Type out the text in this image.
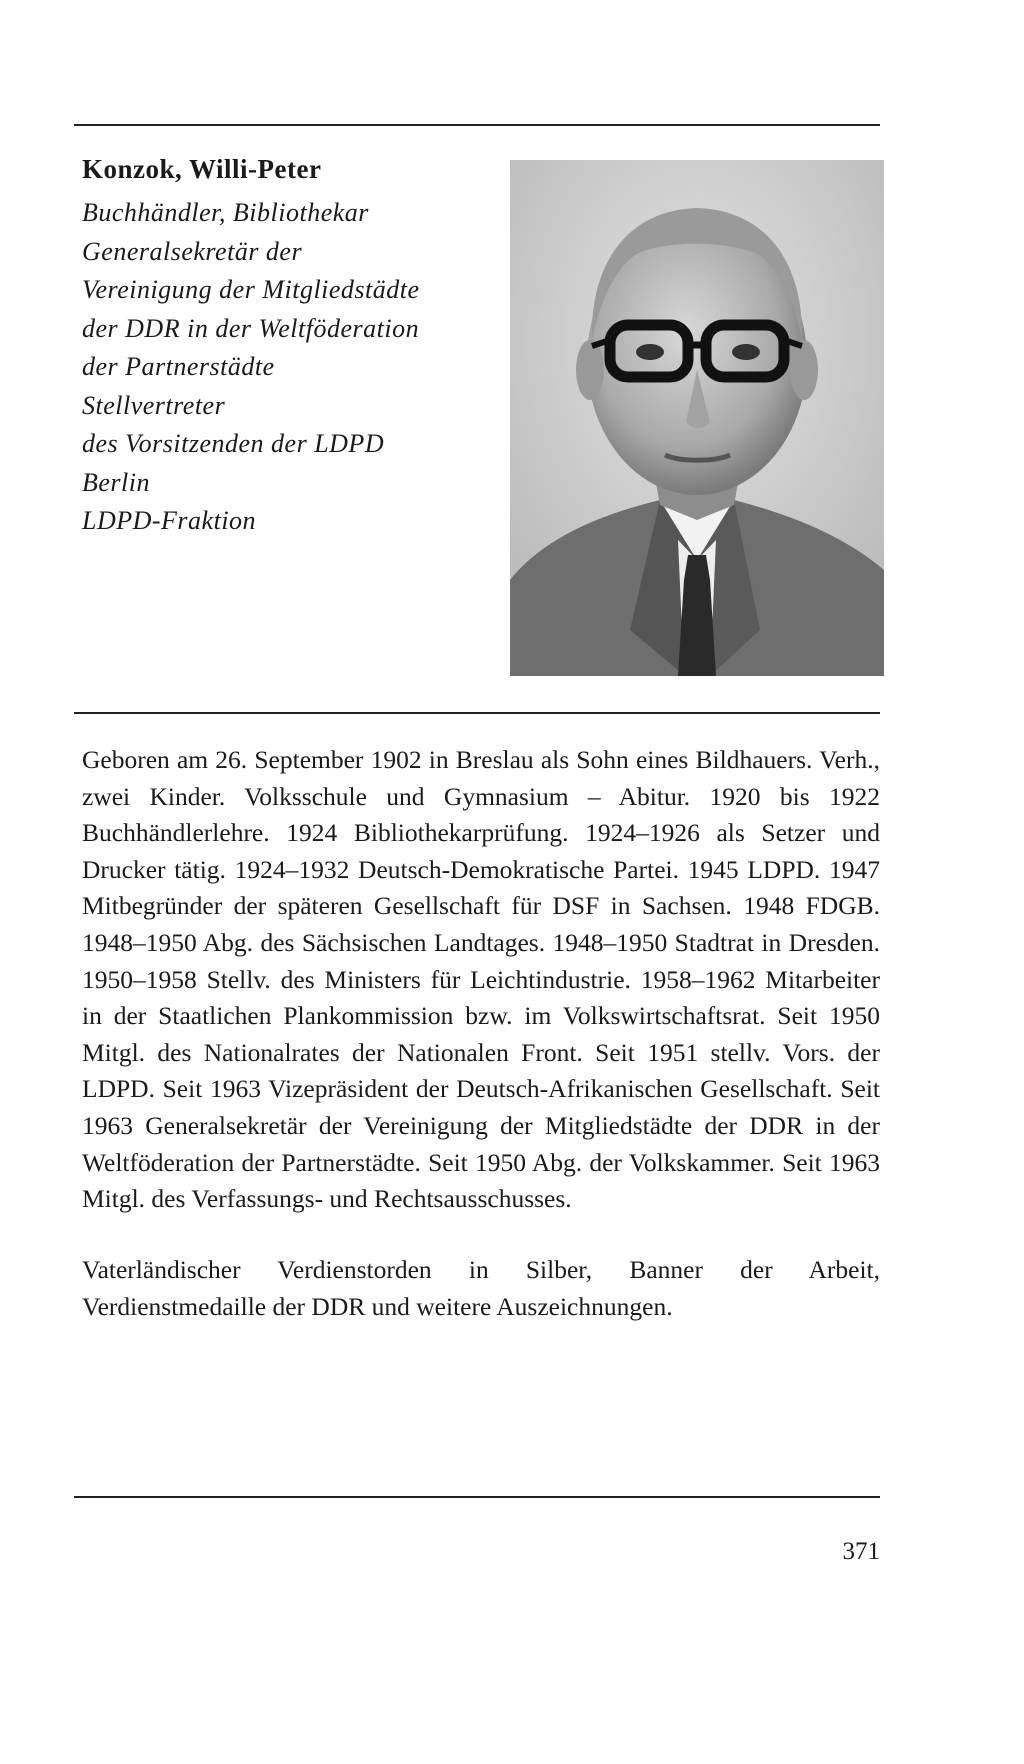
Konzok, Willi-Peter
Buchhändler, Bibliothekar
Generalsekretär der
Vereinigung der Mitgliedstädte
der DDR in der Weltföderation
der Partnerstädte
Stellvertreter
des Vorsitzenden der LDPD
Berlin
LDPD-Fraktion

Geboren am 26. September 1902 in Breslau als Sohn eines Bildhauers. Verh., zwei Kinder. Volksschule und Gymnasium – Abitur. 1920 bis 1922 Buchhändlerlehre. 1924 Bibliothekarprüfung. 1924–1926 als Setzer und Drucker tätig. 1924–1932 Deutsch-Demokratische Partei. 1945 LDPD. 1947 Mitbegründer der späteren Gesellschaft für DSF in Sachsen. 1948 FDGB. 1948–1950 Abg. des Sächsischen Landtages. 1948–1950 Stadtrat in Dresden. 1950–1958 Stellv. des Ministers für Leichtindustrie. 1958–1962 Mitarbeiter in der Staatlichen Plankommission bzw. im Volkswirtschaftsrat. Seit 1950 Mitgl. des Nationalrates der Nationalen Front. Seit 1951 stellv. Vors. der LDPD. Seit 1963 Vizepräsident der Deutsch-Afrikanischen Gesellschaft. Seit 1963 Generalsekretär der Vereinigung der Mitgliedstädte der DDR in der Weltföderation der Partnerstädte. Seit 1950 Abg. der Volkskammer. Seit 1963 Mitgl. des Verfassungs- und Rechtsausschusses.

Vaterländischer Verdienstorden in Silber, Banner der Arbeit, Verdienstmedaille der DDR und weitere Auszeichnungen.

371
